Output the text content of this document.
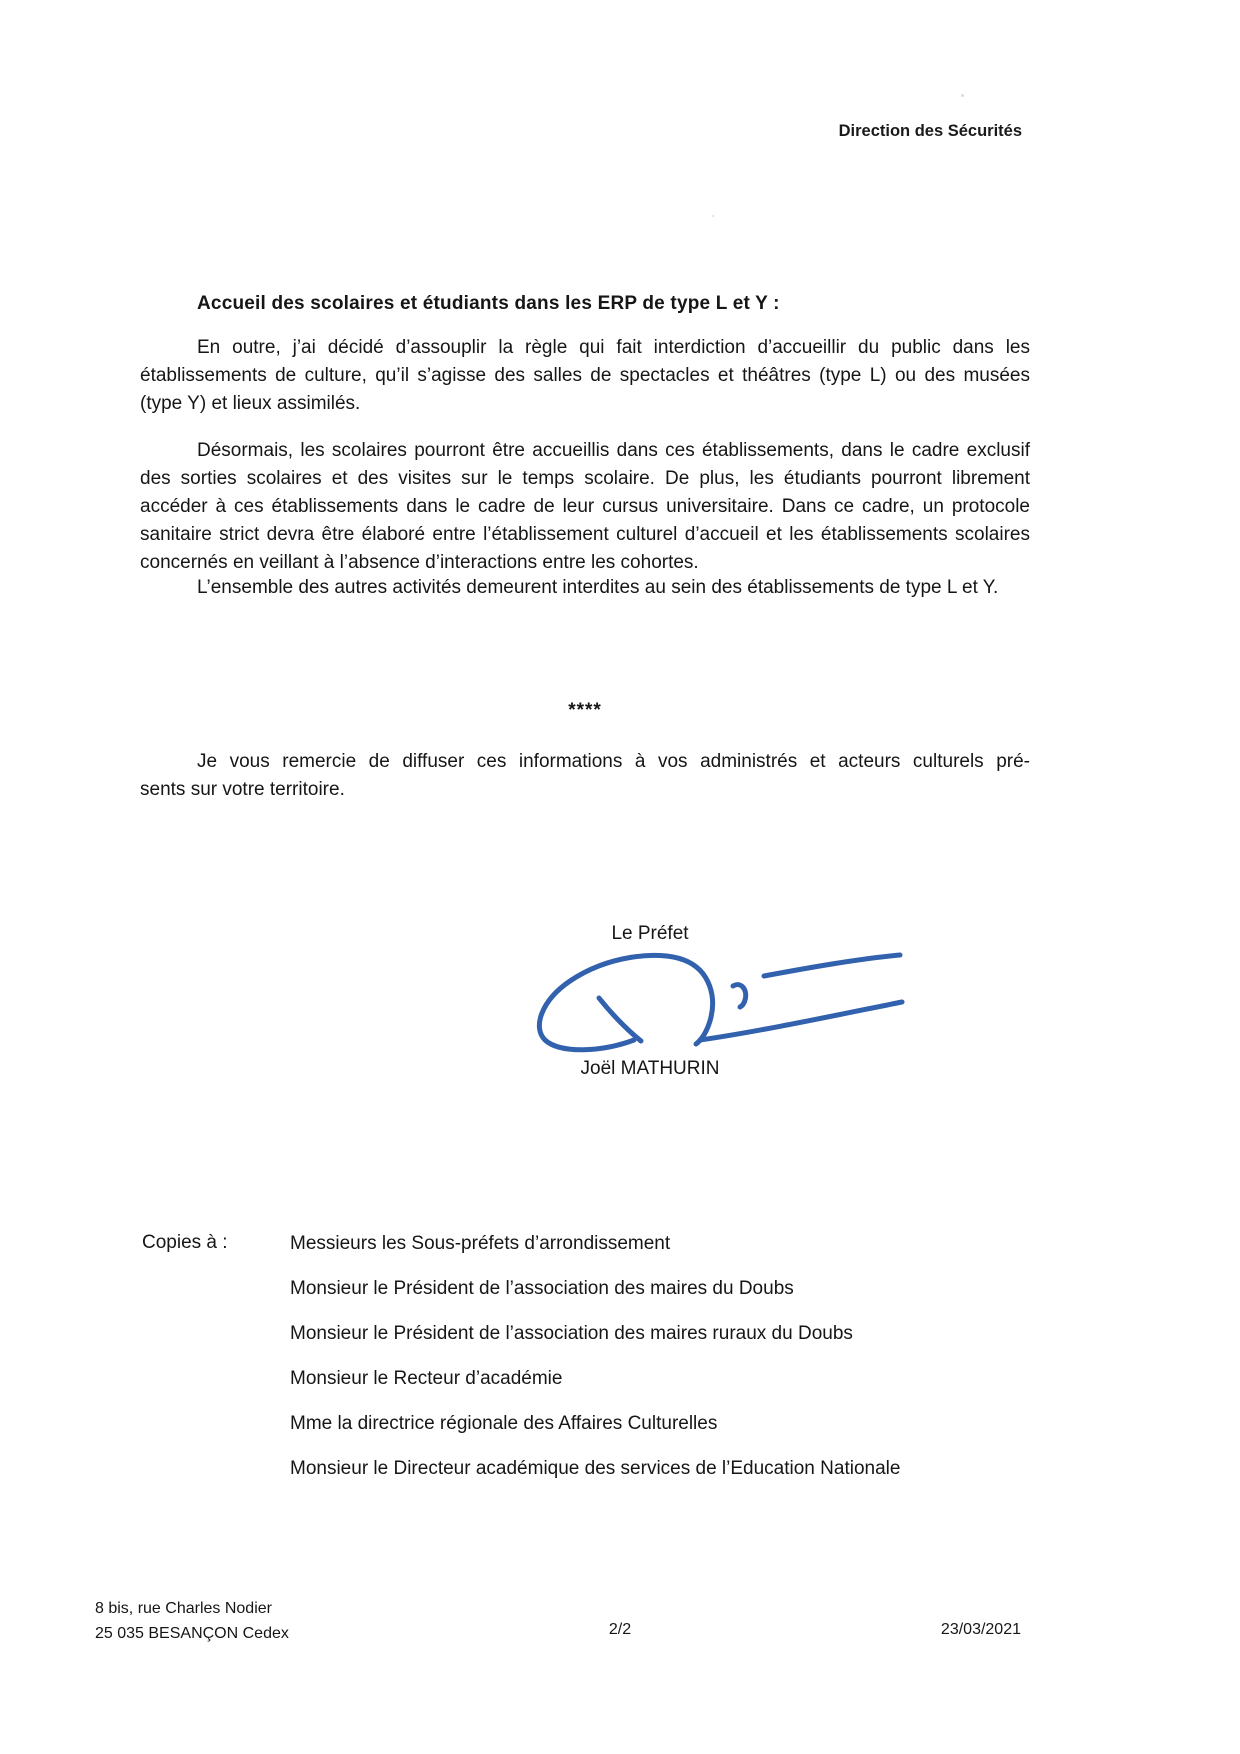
Direction des Sécurités
Accueil des scolaires et étudiants dans les ERP de type L et Y :
En outre, j’ai décidé d’assouplir la règle qui fait interdiction d’accueillir du public dans les établissements de culture, qu’il s’agisse des salles de spectacles et théâtres (type L) ou des musées (type Y) et lieux assimilés.
Désormais, les scolaires pourront être accueillis dans ces établissements, dans le cadre exclusif des sorties scolaires et des visites sur le temps scolaire. De plus, les étudiants pourront librement accéder à ces établissements dans le cadre de leur cursus universitaire. Dans ce cadre, un protocole sanitaire strict devra être élaboré entre l’établissement culturel d’accueil et les établissements scolaires concernés en veillant à l’absence d’interactions entre les cohortes.
L’ensemble des autres activités demeurent interdites au sein des établissements de type L et Y.
****
Je vous remercie de diffuser ces informations à vos administrés et acteurs culturels pré-
sents sur votre territoire.
Le Préfet
Joël MATHURIN
Copies à :	Messieurs les Sous-préfets d’arrondissement
Monsieur le Président de l’association des maires du Doubs
Monsieur le Président de l’association des maires ruraux du Doubs
Monsieur le Recteur d’académie
Mme la directrice régionale des Affaires Culturelles
Monsieur le Directeur académique des services de l’Education Nationale
8 bis, rue Charles Nodier
25 035 BESANÇON Cedex	2/2	23/03/2021
